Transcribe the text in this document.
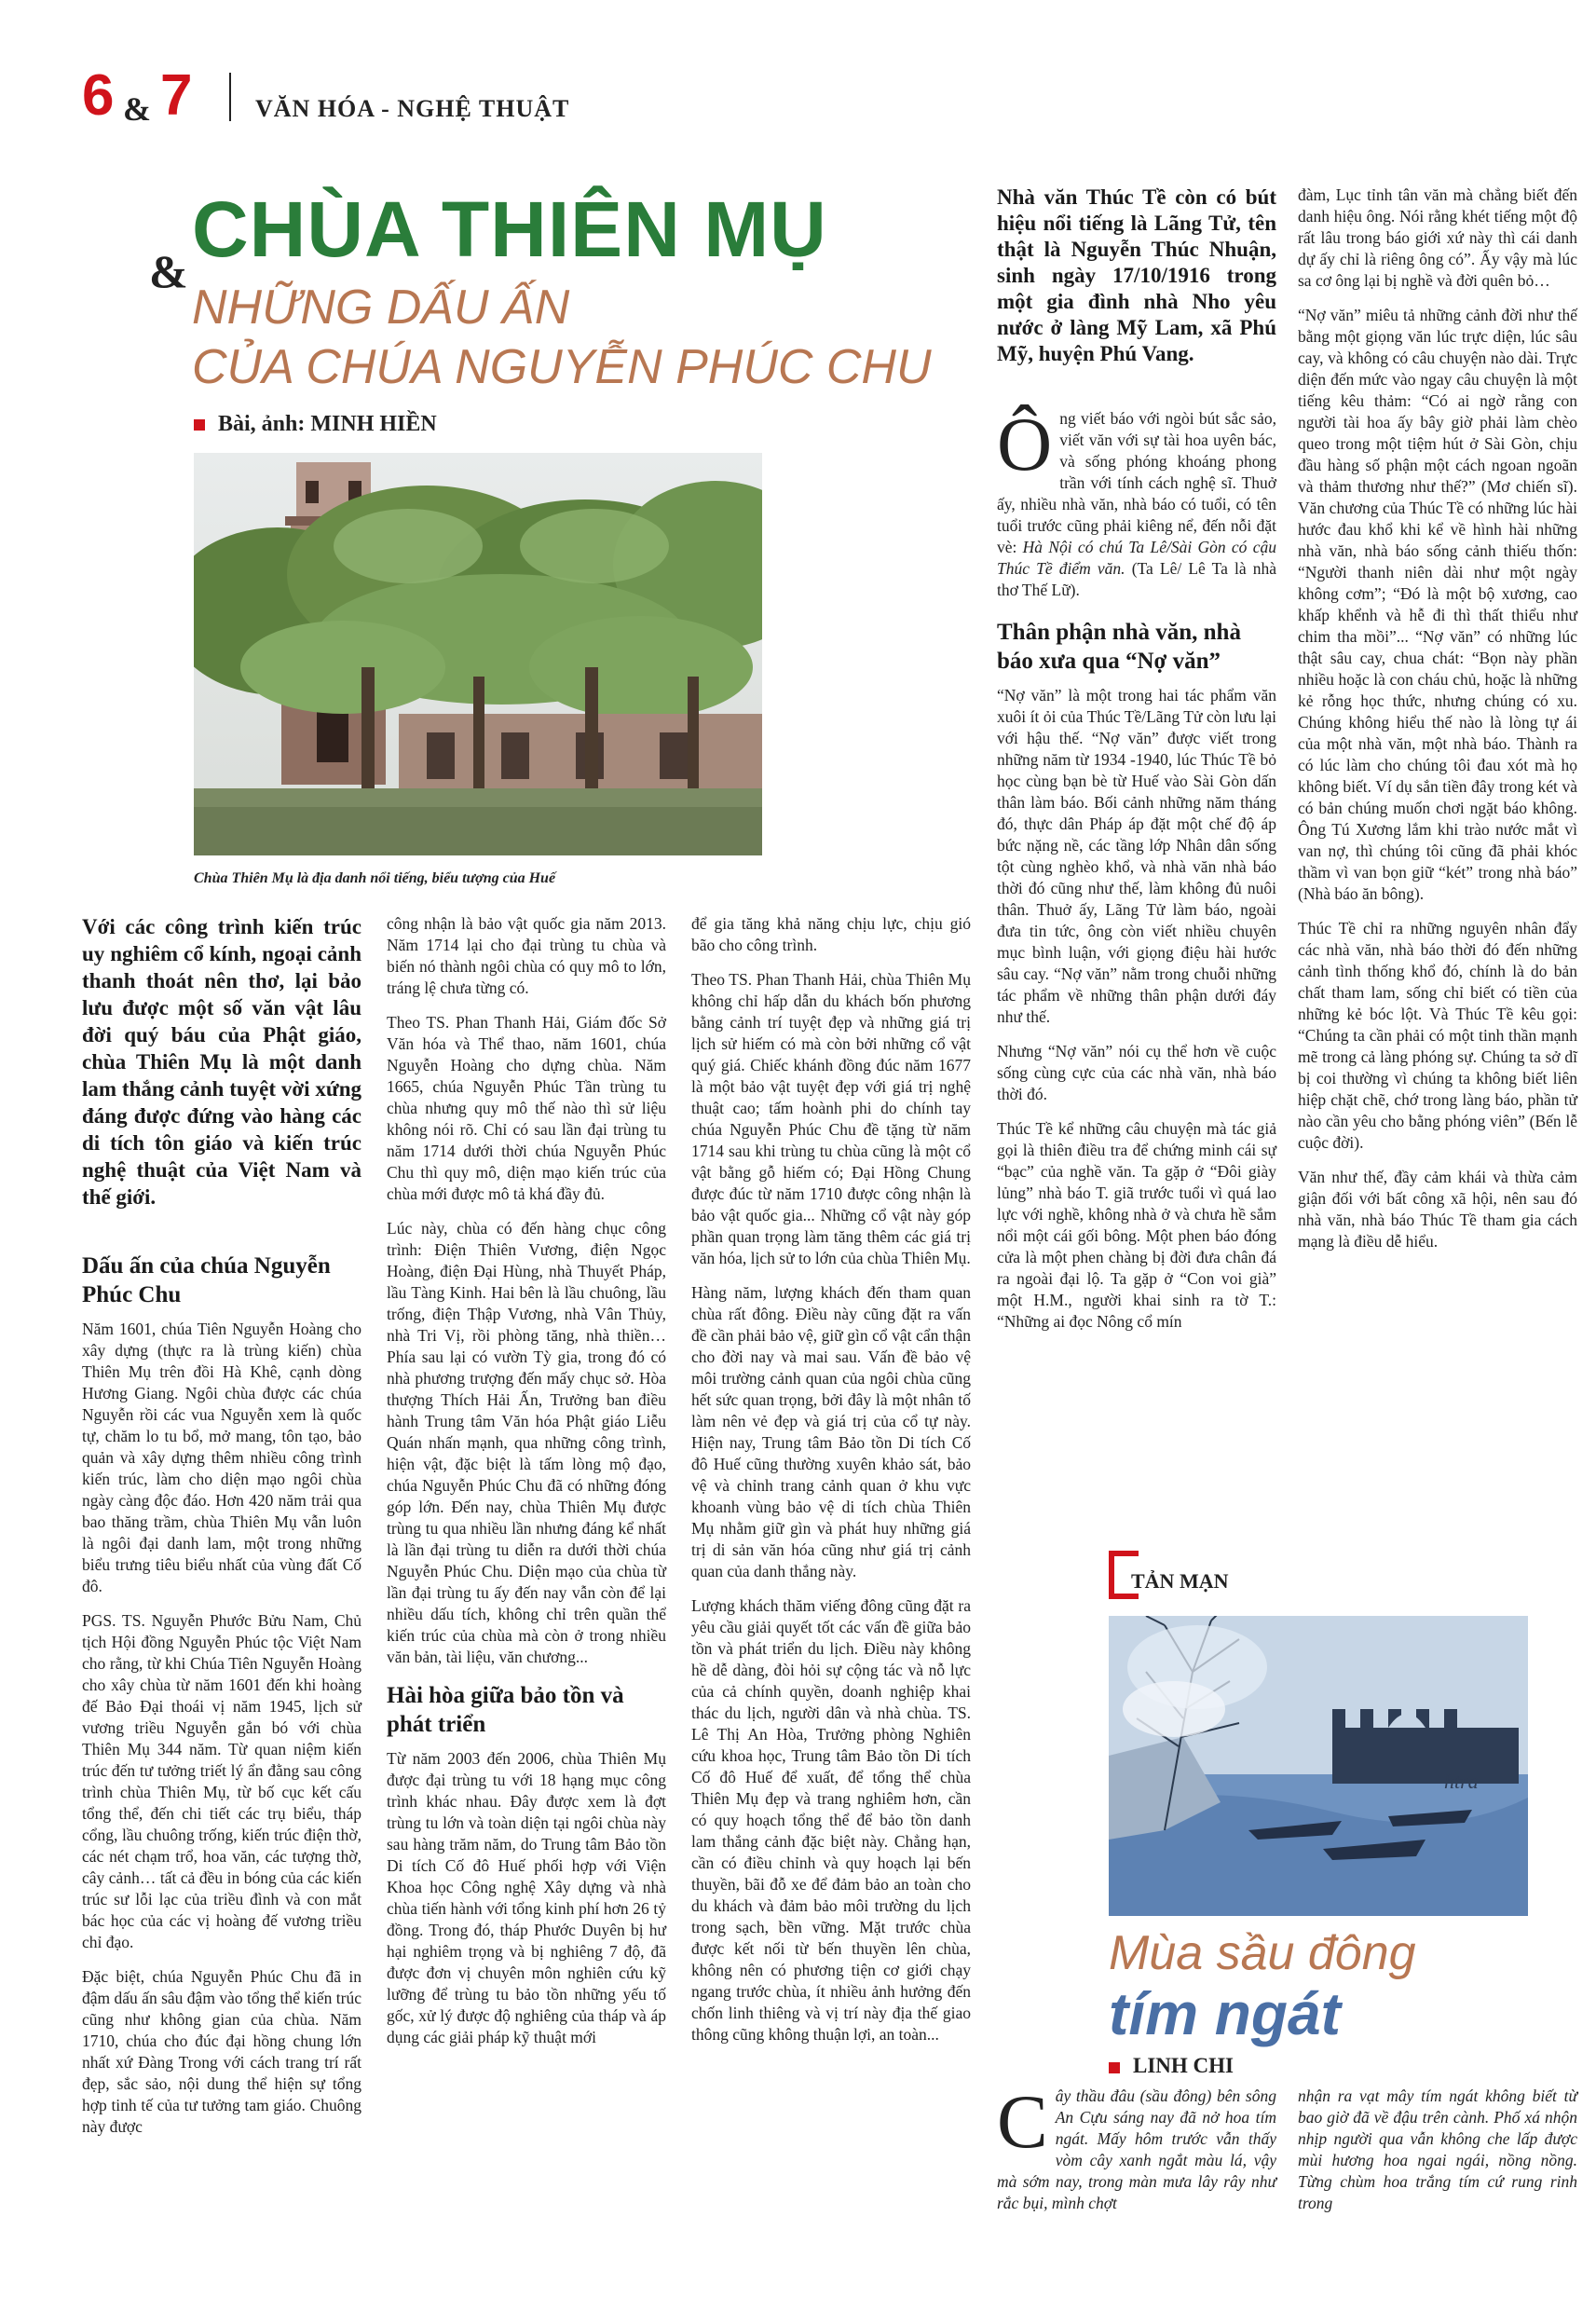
6 & 7	VĂN HÓA - NGHỆ THUẬT
& CHÙA THIÊN MỤ
NHỮNG DẤU ẤN
CỦA CHÚA NGUYỄN PHÚC CHU
Bài, ảnh: MINH HIỀN
Chùa Thiên Mụ là địa danh nổi tiếng, biểu tượng của Huế

Với các công trình kiến trúc uy nghiêm cổ kính, ngoại cảnh thanh thoát nên thơ, lại bảo lưu được một số văn vật lâu đời quý báu của Phật giáo, chùa Thiên Mụ là một danh lam thắng cảnh tuyệt vời xứng đáng được đứng vào hàng các di tích tôn giáo và kiến trúc nghệ thuật của Việt Nam và thế giới.

Dấu ấn của chúa Nguyễn Phúc Chu

Năm 1601, chúa Tiên Nguyễn Hoàng cho xây dựng (thực ra là trùng kiến) chùa Thiên Mụ trên đồi Hà Khê, cạnh dòng Hương Giang. Ngôi chùa được các chúa Nguyễn rồi các vua Nguyễn xem là quốc tự, chăm lo tu bổ, mở mang, tôn tạo, bảo quản và xây dựng thêm nhiều công trình kiến trúc, làm cho diện mạo ngôi chùa ngày càng độc đáo. Hơn 420 năm trải qua bao thăng trầm, chùa Thiên Mụ vẫn luôn là ngôi đại danh lam, một trong những biểu trưng tiêu biểu nhất của vùng đất Cố đô.

PGS. TS. Nguyễn Phước Bửu Nam, Chủ tịch Hội đồng Nguyễn Phúc tộc Việt Nam cho rằng, từ khi Chúa Tiên Nguyễn Hoàng cho xây chùa từ năm 1601 đến khi hoàng đế Bảo Đại thoái vị năm 1945, lịch sử vương triều Nguyễn gắn bó với chùa Thiên Mụ 344 năm. Từ quan niệm kiến trúc đến tư tưởng triết lý ẩn đằng sau công trình chùa Thiên Mụ, từ bố cục kết cấu tổng thể, đến chi tiết các trụ biểu, tháp cổng, lầu chuông trống, kiến trúc điện thờ, các nét chạm trổ, hoa văn, các tượng thờ, cây cảnh… tất cả đều in bóng của các kiến trúc sư lỗi lạc của triều đình và con mắt bác học của các vị hoàng đế vương triều chỉ đạo.

Đặc biệt, chúa Nguyễn Phúc Chu đã in đậm dấu ấn sâu đậm vào tổng thể kiến trúc cũng như không gian của chùa. Năm 1710, chúa cho đúc đại hồng chung lớn nhất xứ Đàng Trong với cách trang trí rất đẹp, sắc sảo, nội dung thể hiện sự tổng hợp tinh tế của tư tưởng tam giáo. Chuông này được

công nhận là bảo vật quốc gia năm 2013. Năm 1714 lại cho đại trùng tu chùa và biến nó thành ngôi chùa có quy mô to lớn, tráng lệ chưa từng có.

Theo TS. Phan Thanh Hải, Giám đốc Sở Văn hóa và Thể thao, năm 1601, chúa Nguyễn Hoàng cho dựng chùa. Năm 1665, chúa Nguyễn Phúc Tần trùng tu chùa nhưng quy mô thế nào thì sử liệu không nói rõ. Chỉ có sau lần đại trùng tu năm 1714 dưới thời chúa Nguyễn Phúc Chu thì quy mô, diện mạo kiến trúc của chùa mới được mô tả khá đầy đủ.

Lúc này, chùa có đến hàng chục công trình: Điện Thiên Vương, điện Ngọc Hoàng, điện Đại Hùng, nhà Thuyết Pháp, lầu Tàng Kinh. Hai bên là lầu chuông, lầu trống, điện Thập Vương, nhà Vân Thủy, nhà Tri Vị, rồi phòng tăng, nhà thiền… Phía sau lại có vườn Tỳ gia, trong đó có nhà phương trượng đến mấy chục sở. Hòa thượng Thích Hải Ấn, Trưởng ban điều hành Trung tâm Văn hóa Phật giáo Liễu Quán nhấn mạnh, qua những công trình, hiện vật, đặc biệt là tấm lòng mộ đạo, chúa Nguyễn Phúc Chu đã có những đóng góp lớn. Đến nay, chùa Thiên Mụ được trùng tu qua nhiều lần nhưng đáng kể nhất là lần đại trùng tu diễn ra dưới thời chúa Nguyễn Phúc Chu. Diện mạo của chùa từ lần đại trùng tu ấy đến nay vẫn còn để lại nhiều dấu tích, không chỉ trên quần thể kiến trúc của chùa mà còn ở trong nhiều văn bản, tài liệu, văn chương...

Hài hòa giữa bảo tồn và phát triển

Từ năm 2003 đến 2006, chùa Thiên Mụ được đại trùng tu với 18 hạng mục công trình khác nhau. Đây được xem là đợt trùng tu lớn và toàn diện tại ngôi chùa này sau hàng trăm năm, do Trung tâm Bảo tồn Di tích Cố đô Huế phối hợp với Viện Khoa học Công nghệ Xây dựng và nhà chùa tiến hành với tổng kinh phí hơn 26 tỷ đồng. Trong đó, tháp Phước Duyên bị hư hại nghiêm trọng và bị nghiêng 7 độ, đã được đơn vị chuyên môn nghiên cứu kỹ lưỡng để trùng tu bảo tồn những yếu tố gốc, xử lý được độ nghiêng của tháp và áp dụng các giải pháp kỹ thuật mới

để gia tăng khả năng chịu lực, chịu gió bão cho công trình.

Theo TS. Phan Thanh Hải, chùa Thiên Mụ không chỉ hấp dẫn du khách bốn phương bằng cảnh trí tuyệt đẹp và những giá trị lịch sử hiếm có mà còn bởi những cổ vật quý giá. Chiếc khánh đồng đúc năm 1677 là một bảo vật tuyệt đẹp với giá trị nghệ thuật cao; tấm hoành phi do chính tay chúa Nguyễn Phúc Chu đề tặng từ năm 1714 sau khi trùng tu chùa cũng là một cổ vật bằng gỗ hiếm có; Đại Hồng Chung được đúc từ năm 1710 được công nhận là bảo vật quốc gia... Những cổ vật này góp phần quan trọng làm tăng thêm các giá trị văn hóa, lịch sử to lớn của chùa Thiên Mụ.

Hàng năm, lượng khách đến tham quan chùa rất đông. Điều này cũng đặt ra vấn đề cần phải bảo vệ, giữ gìn cổ vật cẩn thận cho đời nay và mai sau. Vấn đề bảo vệ môi trường cảnh quan của ngôi chùa cũng hết sức quan trọng, bởi đây là một nhân tố làm nên vẻ đẹp và giá trị của cổ tự này. Hiện nay, Trung tâm Bảo tồn Di tích Cố đô Huế cũng thường xuyên khảo sát, bảo vệ và chỉnh trang cảnh quan ở khu vực khoanh vùng bảo vệ di tích chùa Thiên Mụ nhằm giữ gìn và phát huy những giá trị di sản văn hóa cũng như giá trị cảnh quan của danh thắng này.

Lượng khách thăm viếng đông cũng đặt ra yêu cầu giải quyết tốt các vấn đề giữa bảo tồn và phát triển du lịch. Điều này không hề dễ dàng, đòi hỏi sự cộng tác và nỗ lực của cả chính quyền, doanh nghiệp khai thác du lịch, người dân và nhà chùa. TS. Lê Thị An Hòa, Trưởng phòng Nghiên cứu khoa học, Trung tâm Bảo tồn Di tích Cố đô Huế để xuất, để tổng thể chùa Thiên Mụ đẹp và trang nghiêm hơn, cần có quy hoạch tổng thể để bảo tồn danh lam thắng cảnh đặc biệt này. Chẳng hạn, cần có điều chỉnh và quy hoạch lại bến thuyền, bãi đỗ xe để đảm bảo an toàn cho du khách và đảm bảo môi trường du lịch trong sạch, bền vững. Mặt trước chùa được kết nối từ bến thuyền lên chùa, không nên có phương tiện cơ giới chạy ngang trước chùa, ít nhiều ảnh hưởng đến chốn linh thiêng và vị trí này địa thế giao thông cũng không thuận lợi, an toàn...

Nhà văn Thúc Tề còn có bút hiệu nổi tiếng là Lãng Tử, tên thật là Nguyễn Thúc Nhuận, sinh ngày 17/10/1916 trong một gia đình nhà Nho yêu nước ở làng Mỹ Lam, xã Phú Mỹ, huyện Phú Vang.

Ông viết báo với ngòi bút sắc sảo, viết văn với sự tài hoa uyên bác, và sống phóng khoáng phong trần với tính cách nghệ sĩ. Thuở ấy, nhiều nhà văn, nhà báo có tuổi, có tên tuổi trước cũng phải kiêng nể, đến nỗi đặt vè: Hà Nội có chú Ta Lê/Sài Gòn có cậu Thúc Tề điểm văn. (Ta Lê/ Lê Ta là nhà thơ Thế Lữ).

Thân phận nhà văn, nhà báo xưa qua “Nợ văn”

“Nợ văn” là một trong hai tác phẩm văn xuôi ít ỏi của Thúc Tề/Lãng Tử còn lưu lại với hậu thế. “Nợ văn” được viết trong những năm từ 1934 -1940, lúc Thúc Tề bỏ học cùng bạn bè từ Huế vào Sài Gòn dấn thân làm báo. Bối cảnh những năm tháng đó, thực dân Pháp áp đặt một chế độ áp bức nặng nề, các tầng lớp Nhân dân sống tột cùng nghèo khổ, và nhà văn nhà báo thời đó cũng như thế, làm không đủ nuôi thân. Thuở ấy, Lãng Tử làm báo, ngoài đưa tin tức, ông còn viết nhiều chuyên mục bình luận, với giọng điệu hài hước sâu cay. “Nợ văn” nằm trong chuỗi những tác phẩm về những thân phận dưới đáy như thế.

Nhưng “Nợ văn” nói cụ thể hơn về cuộc sống cùng cực của các nhà văn, nhà báo thời đó.

Thúc Tề kể những câu chuyện mà tác giả gọi là thiên điều tra để chứng minh cái sự “bạc” của nghề văn. Ta gặp ở “Đôi giày lủng” nhà báo T. giã trước tuổi vì quá lao lực với nghề, không nhà ở và chưa hề sắm nổi một cái gối bông. Một phen báo đóng cửa là một phen chàng bị đời đưa chân đá ra ngoài đại lộ. Ta gặp ở “Con voi già” một H.M., người khai sinh ra tờ T.: “Những ai đọc Nông cổ mín

đàm, Lục tỉnh tân văn mà chẳng biết đến danh hiệu ông. Nói rằng khét tiếng một độ rất lâu trong báo giới xứ này thì cái danh dự ấy chỉ là riêng ông có”. Ấy vậy mà lúc sa cơ ông lại bị nghề và đời quên bỏ…

“Nợ văn” miêu tả những cảnh đời như thế bằng một giọng văn lúc trực diện, lúc sâu cay, và không có câu chuyện nào dài. Trực diện đến mức vào ngay câu chuyện là một tiếng kêu thảm: “Có ai ngờ rằng con người tài hoa ấy bây giờ phải làm chèo queo trong một tiệm hút ở Sài Gòn, chịu đầu hàng số phận một cách ngoan ngoãn và thảm thương như thế?” (Mơ chiến sĩ). Văn chương của Thúc Tề có những lúc hài hước đau khổ khi kể về hình hài những nhà văn, nhà báo sống cảnh thiếu thốn: “Người thanh niên dài như một ngày không cơm”; “Đó là một bộ xương, cao khấp khểnh và hễ đi thì thất thiểu như chim tha mồi”... “Nợ văn” có những lúc thật sâu cay, chua chát: “Bọn này phần nhiều hoặc là con cháu chủ, hoặc là những kẻ rỗng học thức, nhưng chúng có xu. Chúng không hiểu thế nào là lòng tự ái của một nhà văn, một nhà báo. Thành ra có lúc làm cho chúng tôi đau xót mà họ không biết. Ví dụ sắn tiền đây trong két và có bản chúng muốn chơi ngặt báo không. Ông Tú Xương lắm khi trào nước mắt vì van nợ, thì chúng tôi cũng đã phải khóc thầm vì van bọn giữ “két” trong nhà báo” (Nhà báo ăn bông).

Thúc Tề chỉ ra những nguyên nhân đẩy các nhà văn, nhà báo thời đó đến những cảnh tình thống khổ đó, chính là do bản chất tham lam, sống chỉ biết có tiền của những kẻ bóc lột. Và Thúc Tề kêu gọi: “Chúng ta cần phải có một tinh thần mạnh mẽ trong cả làng phóng sự. Chúng ta sở dĩ bị coi thường vì chúng ta không biết liên hiệp chặt chẽ, chớ trong làng báo, phần tử nào cần yêu cho bằng phóng viên” (Bến lễ cuộc đời).

Văn như thế, đầy cảm khái và thừa cảm giận đối với bất công xã hội, nên sau đó nhà văn, nhà báo Thúc Tề tham gia cách mạng là điều dễ hiểu.

TẢN MẠN
htra
Mùa sầu đông
tím ngát
LINH CHI

Cây thầu đâu (sầu đông) bên sông An Cựu sáng nay đã nở hoa tím ngát. Mấy hôm trước vẫn thấy vòm cây xanh ngắt màu lá, vậy mà sớm nay, trong màn mưa lây rây như rắc bụi, mình chợt

nhận ra vạt mây tím ngát không biết từ bao giờ đã về đậu trên cành. Phố xá nhộn nhịp người qua vẫn không che lấp được mùi hương hoa ngai ngái, nồng nồng. Từng chùm hoa trắng tím cứ rung rinh trong
